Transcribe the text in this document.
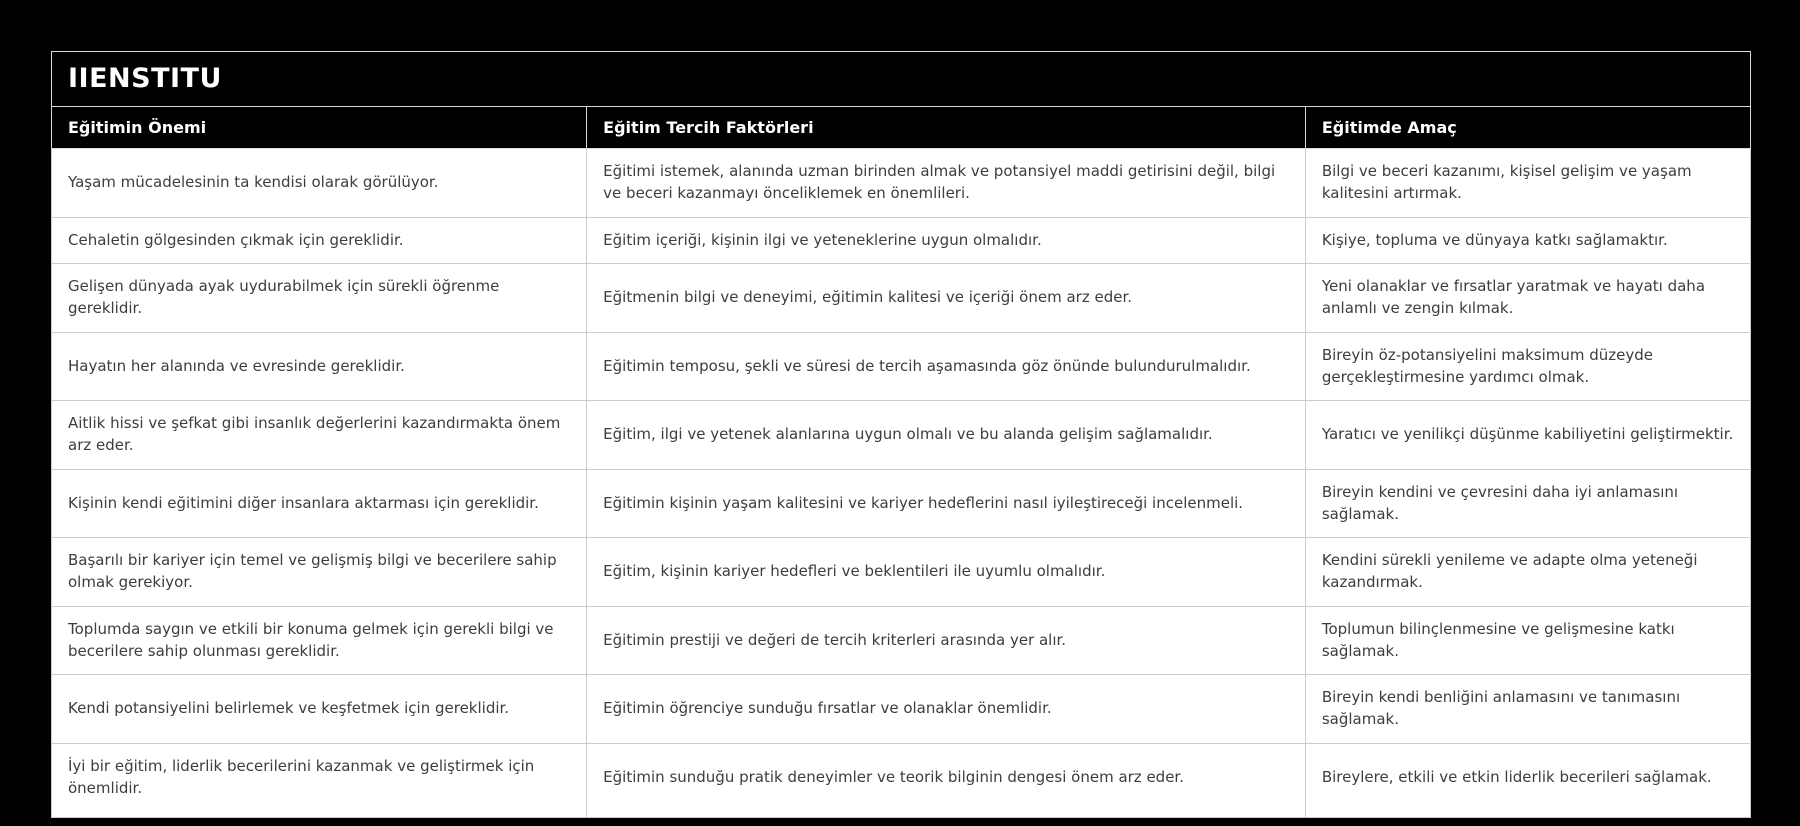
IIENSTITU		
Eğitimin Önemi	Eğitim Tercih Faktörleri	Eğitimde Amaç
Yaşam mücadelesinin ta kendisi olarak görülüyor.	Eğitimi istemek, alanında uzman birinden almak ve potansiyel maddi getirisini değil, bilgi ve beceri kazanmayı önceliklemek en önemlileri.	Bilgi ve beceri kazanımı, kişisel gelişim ve yaşam kalitesini artırmak.
Cehaletin gölgesinden çıkmak için gereklidir.	Eğitim içeriği, kişinin ilgi ve yeteneklerine uygun olmalıdır.	Kişiye, topluma ve dünyaya katkı sağlamaktır.
Gelişen dünyada ayak uydurabilmek için sürekli öğrenme gereklidir.	Eğitmenin bilgi ve deneyimi, eğitimin kalitesi ve içeriği önem arz eder.	Yeni olanaklar ve fırsatlar yaratmak ve hayatı daha anlamlı ve zengin kılmak.
Hayatın her alanında ve evresinde gereklidir.	Eğitimin temposu, şekli ve süresi de tercih aşamasında göz önünde bulundurulmalıdır.	Bireyin öz-potansiyelini maksimum düzeyde gerçekleştirmesine yardımcı olmak.
Aitlik hissi ve şefkat gibi insanlık değerlerini kazandırmakta önem arz eder.	Eğitim, ilgi ve yetenek alanlarına uygun olmalı ve bu alanda gelişim sağlamalıdır.	Yaratıcı ve yenilikçi düşünme kabiliyetini geliştirmektir.
Kişinin kendi eğitimini diğer insanlara aktarması için gereklidir.	Eğitimin kişinin yaşam kalitesini ve kariyer hedeflerini nasıl iyileştireceği incelenmeli.	Bireyin kendini ve çevresini daha iyi anlamasını sağlamak.
Başarılı bir kariyer için temel ve gelişmiş bilgi ve becerilere sahip olmak gerekiyor.	Eğitim, kişinin kariyer hedefleri ve beklentileri ile uyumlu olmalıdır.	Kendini sürekli yenileme ve adapte olma yeteneği kazandırmak.
Toplumda saygın ve etkili bir konuma gelmek için gerekli bilgi ve becerilere sahip olunması gereklidir.	Eğitimin prestiji ve değeri de tercih kriterleri arasında yer alır.	Toplumun bilinçlenmesine ve gelişmesine katkı sağlamak.
Kendi potansiyelini belirlemek ve keşfetmek için gereklidir.	Eğitimin öğrenciye sunduğu fırsatlar ve olanaklar önemlidir.	Bireyin kendi benliğini anlamasını ve tanımasını sağlamak.
İyi bir eğitim, liderlik becerilerini kazanmak ve geliştirmek için önemlidir.	Eğitimin sunduğu pratik deneyimler ve teorik bilginin dengesi önem arz eder.	Bireylere, etkili ve etkin liderlik becerileri sağlamak.
